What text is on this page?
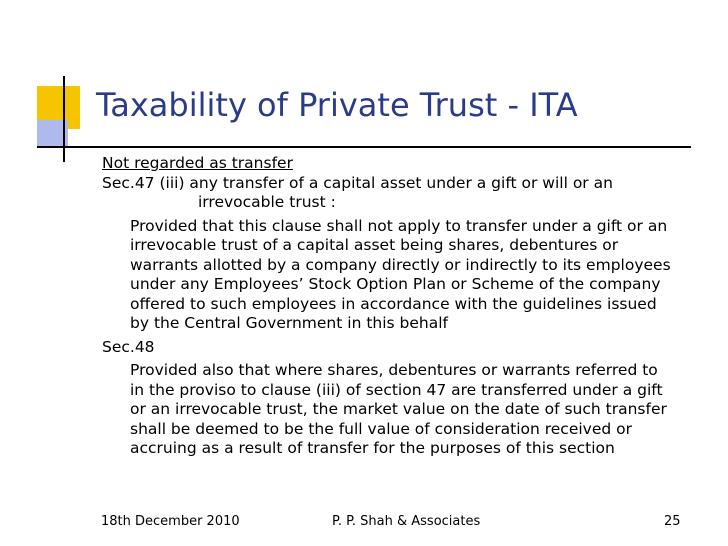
Taxability of Private Trust - ITA

Not regarded as transfer

Sec.47 (iii) any transfer of a capital asset under a gift or will or an

irrevocable trust :

Provided that this clause shall not apply to transfer under a gift or an

irrevocable trust of a capital asset being shares, debentures or

warrants allotted by a company directly or indirectly to its employees

under any Employees’ Stock Option Plan or Scheme of the company

offered to such employees in accordance with the guidelines issued

by the Central Government in this behalf

Sec.48

Provided also that where shares, debentures or warrants referred to

in the proviso to clause (iii) of section 47 are transferred under a gift

or an irrevocable trust, the market value on the date of such transfer

shall be deemed to be the full value of consideration received or

accruing as a result of transfer for the purposes of this section

18th December 2010	P. P. Shah & Associates	25
